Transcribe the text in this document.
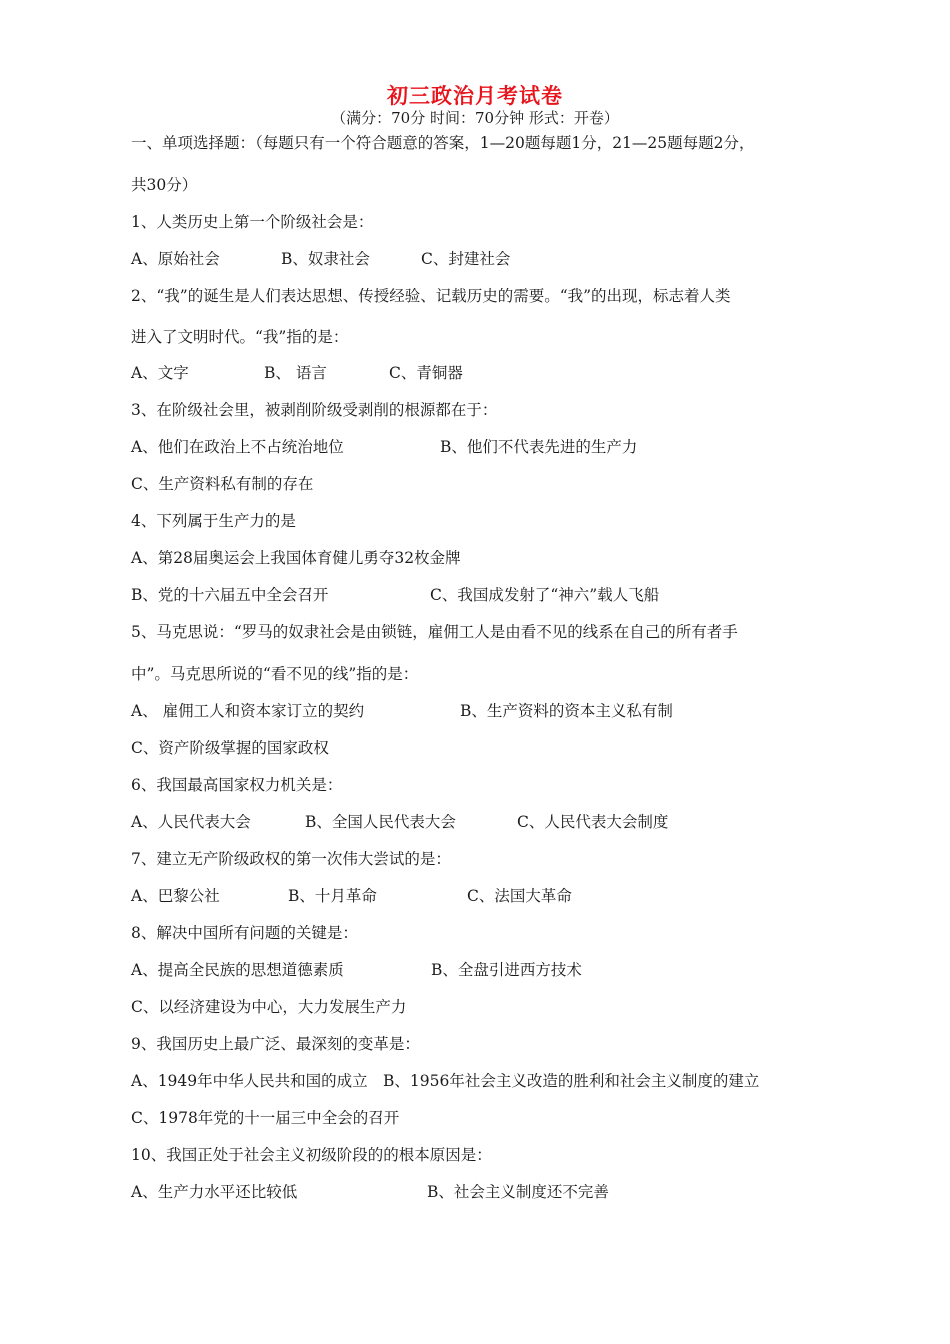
初三政治月考试卷
（满分：70分 时间：70分钟 形式：开卷）
一、单项选择题：（每题只有一个符合题意的答案，1—20题每题1分，21—25题每题2分，
共30分）
1、人类历史上第一个阶级社会是：
A、原始社会	B、奴隶社会	C、封建社会
2、“我”的诞生是人们表达思想、传授经验、记载历史的需要。“我”的出现，标志着人类
进入了文明时代。“我”指的是：
A、文字	B、 语言	C、青铜器
3、在阶级社会里，被剥削阶级受剥削的根源都在于：
A、他们在政治上不占统治地位	B、他们不代表先进的生产力
C、生产资料私有制的存在
4、下列属于生产力的是
A、第28届奥运会上我国体育健儿勇夺32枚金牌
B、党的十六届五中全会召开	C、我国成发射了“神六”载人飞船
5、马克思说：“罗马的奴隶社会是由锁链，雇佣工人是由看不见的线系在自己的所有者手
中”。马克思所说的“看不见的线”指的是：
A、 雇佣工人和资本家订立的契约	B、生产资料的资本主义私有制
C、资产阶级掌握的国家政权
6、我国最高国家权力机关是：
A、人民代表大会	B、全国人民代表大会	C、人民代表大会制度
7、建立无产阶级政权的第一次伟大尝试的是：
A、巴黎公社	B、十月革命	C、法国大革命
8、解决中国所有问题的关键是：
A、提高全民族的思想道德素质	B、全盘引进西方技术
C、以经济建设为中心，大力发展生产力
9、我国历史上最广泛、最深刻的变革是：
A、1949年中华人民共和国的成立 B、1956年社会主义改造的胜利和社会主义制度的建立
C、1978年党的十一届三中全会的召开
10、我国正处于社会主义初级阶段的的根本原因是：
A、生产力水平还比较低	B、社会主义制度还不完善
